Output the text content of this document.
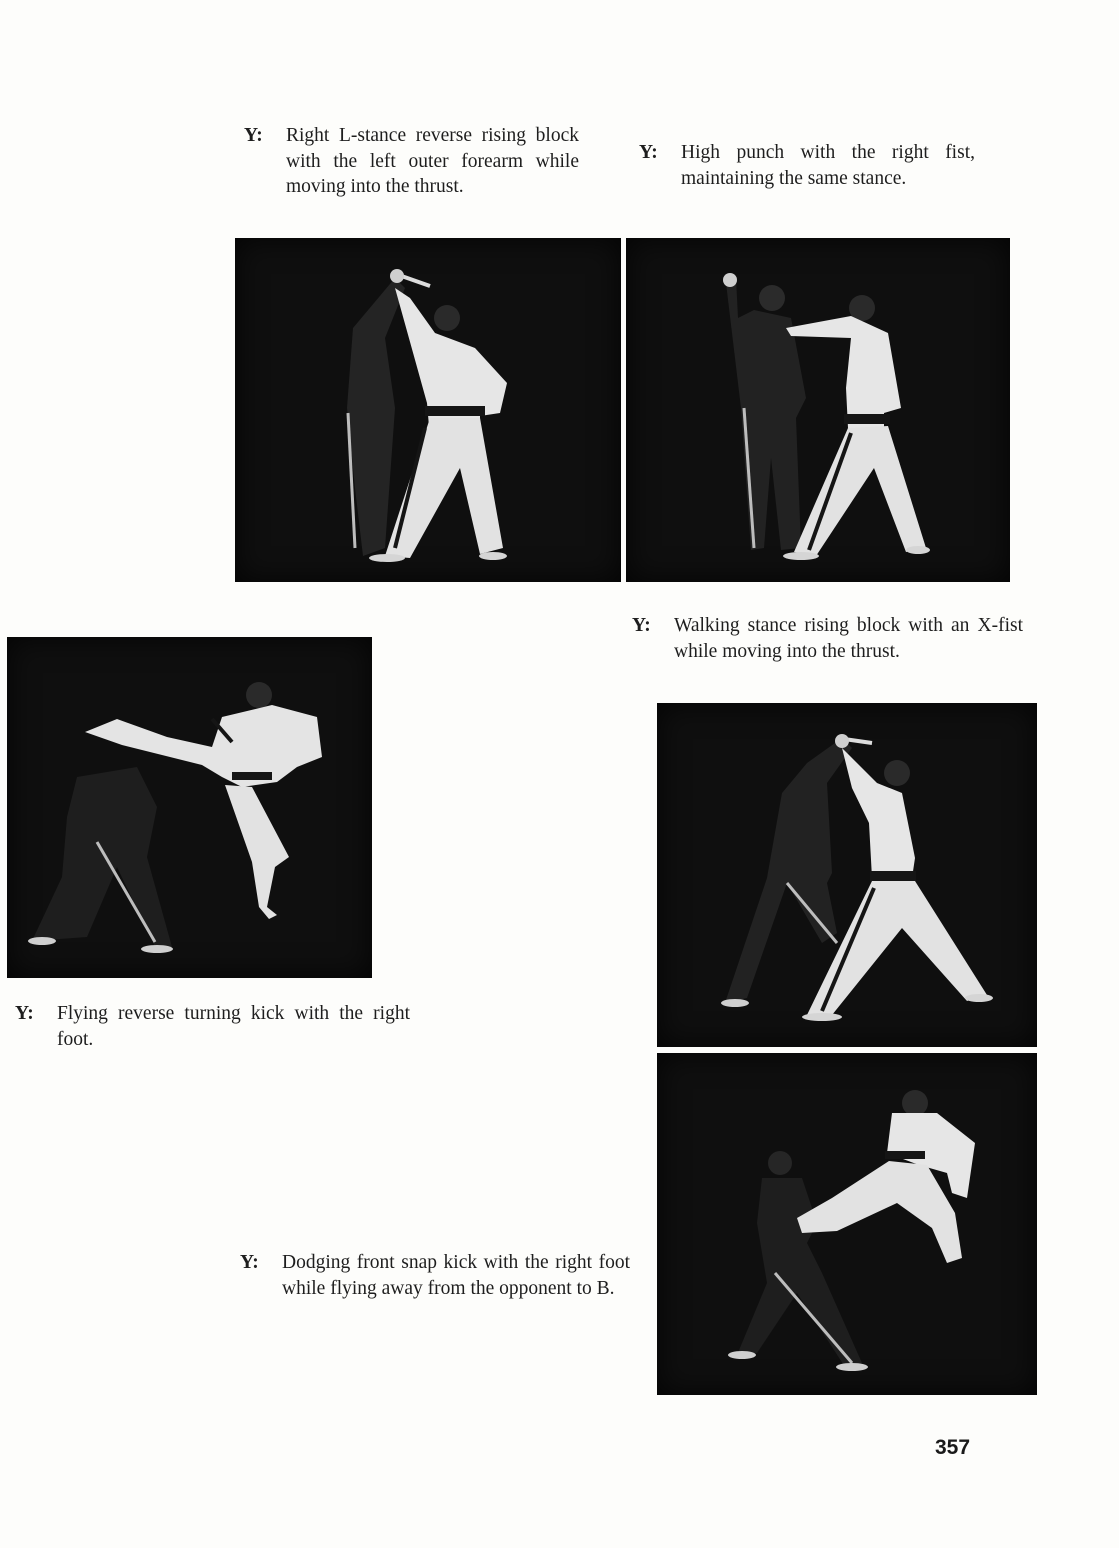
Y:	Right L-stance reverse rising block with the left outer forearm while moving into the thrust.
Y:	High punch with the right fist, maintaining the same stance.
Y:	Walking stance rising block with an X-fist while moving into the thrust.
Y:	Flying reverse turning kick with the right foot.
Y:	Dodging front snap kick with the right foot while flying away from the opponent to B.
357
